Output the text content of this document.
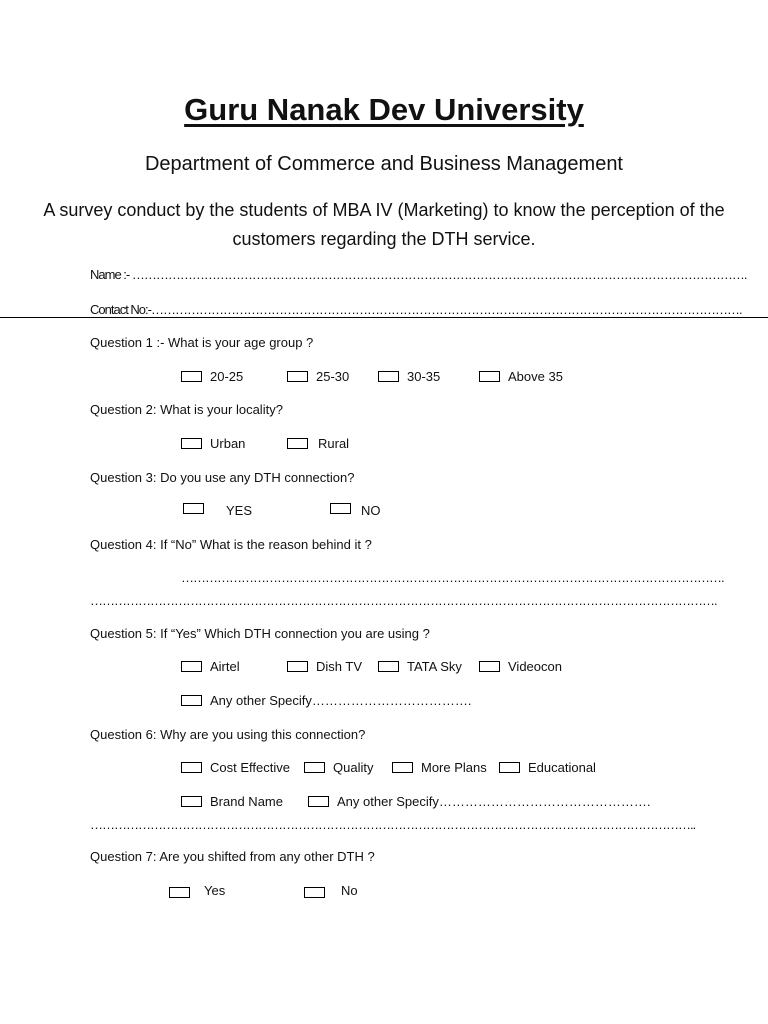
Guru Nanak Dev University
Department of Commerce and Business Management
A survey conduct by the students of MBA IV (Marketing) to know the perception of the customers regarding the DTH service.
Name :- ……………………………………………………………………………………………………………………………………….
Contact No:-………………………………………………………………………………………………………………………………….
Question 1 :- What is your age group ?
20-25	25-30	30-35	Above 35
Question 2: What is your locality?
Urban	Rural
Question 3: Do you use any DTH connection?
YES	NO
Question 4: If “No” What is the reason behind it ?
……………………………………………………………………………………………………………………….
………………………………………………………………………………………………………………………………………….
Question 5: If “Yes” Which DTH connection you are using ?
Airtel	Dish TV	TATA Sky	Videocon
Any other Specify……………………………….
Question 6: Why are you using this connection?
Cost Effective	Quality	More Plans	Educational
Brand Name	Any other Specify………………………………………….
……………………………………………………………………………………………………………………………………..
Question 7: Are you shifted from any other DTH ?
Yes	No
